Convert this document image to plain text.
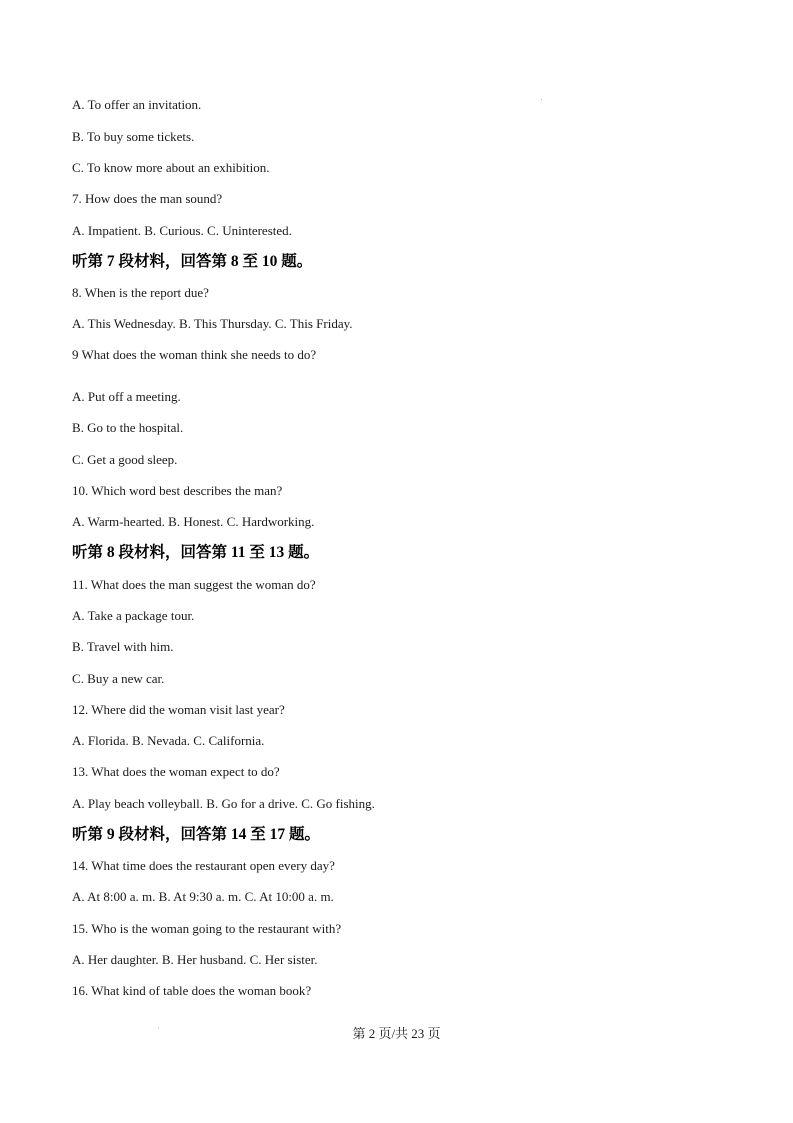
A. To offer an invitation.

B. To buy some tickets.

C. To know more about an exhibition.

7. How does the man sound?

A. Impatient. B. Curious. C. Uninterested.

听第 7 段材料，回答第 8 至 10 题。

8. When is the report due?

A. This Wednesday. B. This Thursday. C. This Friday.

9 What does the woman think she needs to do?

A. Put off a meeting.

B. Go to the hospital.

C. Get a good sleep.

10. Which word best describes the man?

A. Warm-hearted. B. Honest. C. Hardworking.

听第 8 段材料，回答第 11 至 13 题。

11. What does the man suggest the woman do?

A. Take a package tour.

B. Travel with him.

C. Buy a new car.

12. Where did the woman visit last year?

A. Florida. B. Nevada. C. California.

13. What does the woman expect to do?

A. Play beach volleyball. B. Go for a drive. C. Go fishing.

听第 9 段材料，回答第 14 至 17 题。

14. What time does the restaurant open every day?

A. At 8:00 a. m. B. At 9:30 a. m. C. At 10:00 a. m.

15. Who is the woman going to the restaurant with?

A. Her daughter. B. Her husband. C. Her sister.

16. What kind of table does the woman book?

第 2 页/共 23 页
